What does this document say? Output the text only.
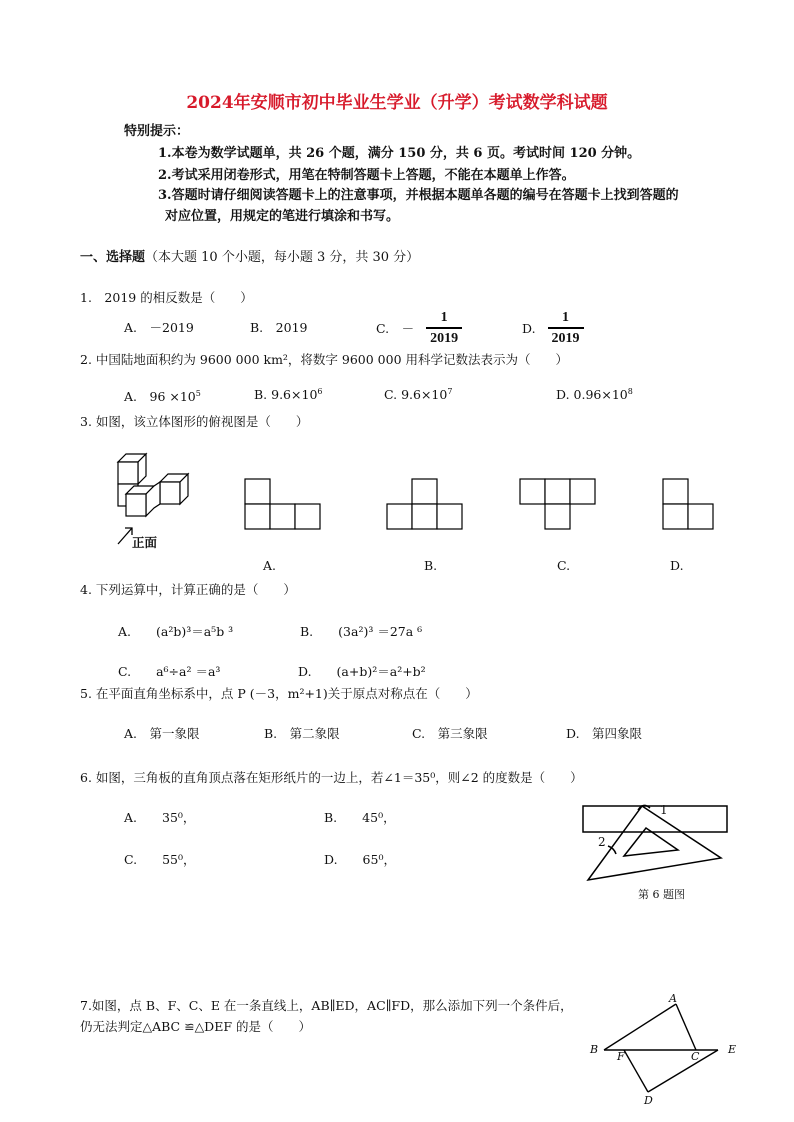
2024年安顺市初中毕业生学业（升学）考试数学科试题
特别提示：
1.本卷为数学试题单，共 26 个题，满分 150 分，共 6 页。考试时间 120 分钟。
2.考试采用闭卷形式，用笔在特制答题卡上答题，不能在本题单上作答。
3.答题时请仔细阅读答题卡上的注意事项，并根据本题单各题的编号在答题卡上找到答题的
对应位置，用规定的笔进行填涂和书写。
一、选择题（本大题 10 个小题，每小题 3 分，共 30 分）
1.　2019 的相反数是（　　）
A.　－2019	B.　2019	C.　－ $\frac{1}{2019}$	D. $\frac{1}{2019}$
2. 中国陆地面积约为 9600 000 km²，将数字 9600 000 用科学记数法表示为（　　）
A.　$96 \times 10^5$	B. $9.6\times 10^6$	C. $9.6\times 10^7$	D. $0.96\times 10^8$
3. 如图，该立体图形的俯视图是（　　）
正面
A.	B.	C.	D.
4. 下列运算中，计算正确的是（　　）
A.　　(a²b)³＝a⁵b ³	B.　　(3a²)³ ＝27a ⁶
C.　　a⁶÷a² ＝a³	D.　　(a+b)²＝a²+b²
5. 在平面直角坐标系中，点 P (－3，m²+1)关于原点对称点在（　　）
A.　第一象限	B.　第二象限	C.　第三象限	D.　第四象限
6. 如图，三角板的直角顶点落在矩形纸片的一边上，若∠1＝35⁰，则∠2 的度数是（　　）
A.　　35⁰，	B.　　45⁰，
C.　　55⁰，	D.　　65⁰，
1
2
第 6 题图
7.如图，点 B、F、C、E 在一条直线上，AB∥ED，AC∥FD，那么添加下列一个条件后，
仍无法判定△ABC ≌△DEF 的是（　　）
A
B
F	C
E
D
